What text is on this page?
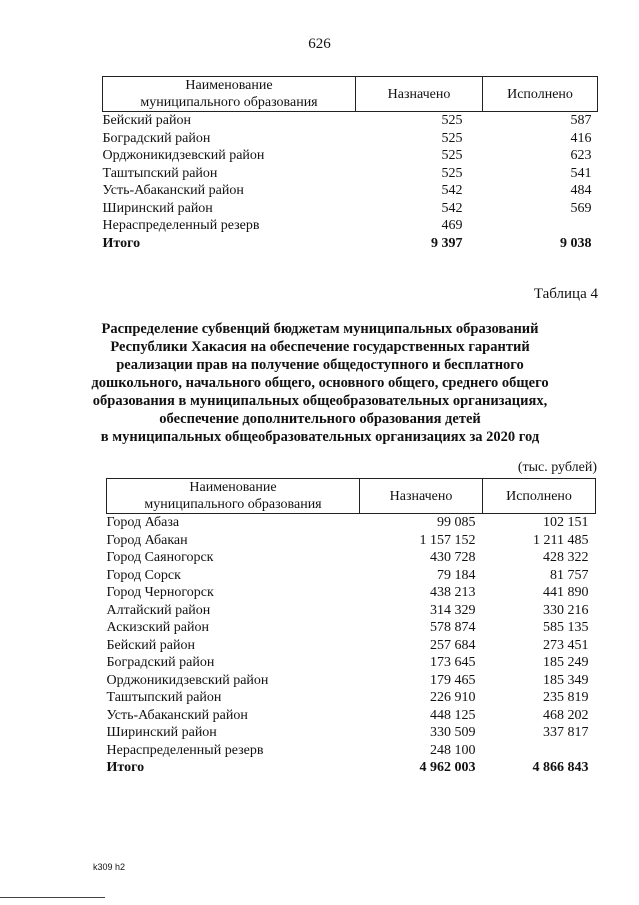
626
Наименование
муниципального образования	Назначено	Исполнено
Бейский район	525	587
Боградский район	525	416
Орджоникидзевский район	525	623
Таштыпский район	525	541
Усть-Абаканский район	542	484
Ширинский район	542	569
Нераспределенный резерв	469	
Итого	9 397	9 038
Таблица 4
Распределение субвенций бюджетам муниципальных образований
Республики Хакасия на обеспечение государственных гарантий
реализации прав на получение общедоступного и бесплатного
дошкольного, начального общего, основного общего, среднего общего
образования в муниципальных общеобразовательных организациях,
обеспечение дополнительного образования детей
в муниципальных общеобразовательных организациях за 2020 год
(тыс. рублей)
Наименование
муниципального образования	Назначено	Исполнено
Город Абаза	99 085	102 151
Город Абакан	1 157 152	1 211 485
Город Саяногорск	430 728	428 322
Город Сорск	79 184	81 757
Город Черногорск	438 213	441 890
Алтайский район	314 329	330 216
Аскизский район	578 874	585 135
Бейский район	257 684	273 451
Боградский район	173 645	185 249
Орджоникидзевский район	179 465	185 349
Таштыпский район	226 910	235 819
Усть-Абаканский район	448 125	468 202
Ширинский район	330 509	337 817
Нераспределенный резерв	248 100	
Итого	4 962 003	4 866 843
k309 h2
